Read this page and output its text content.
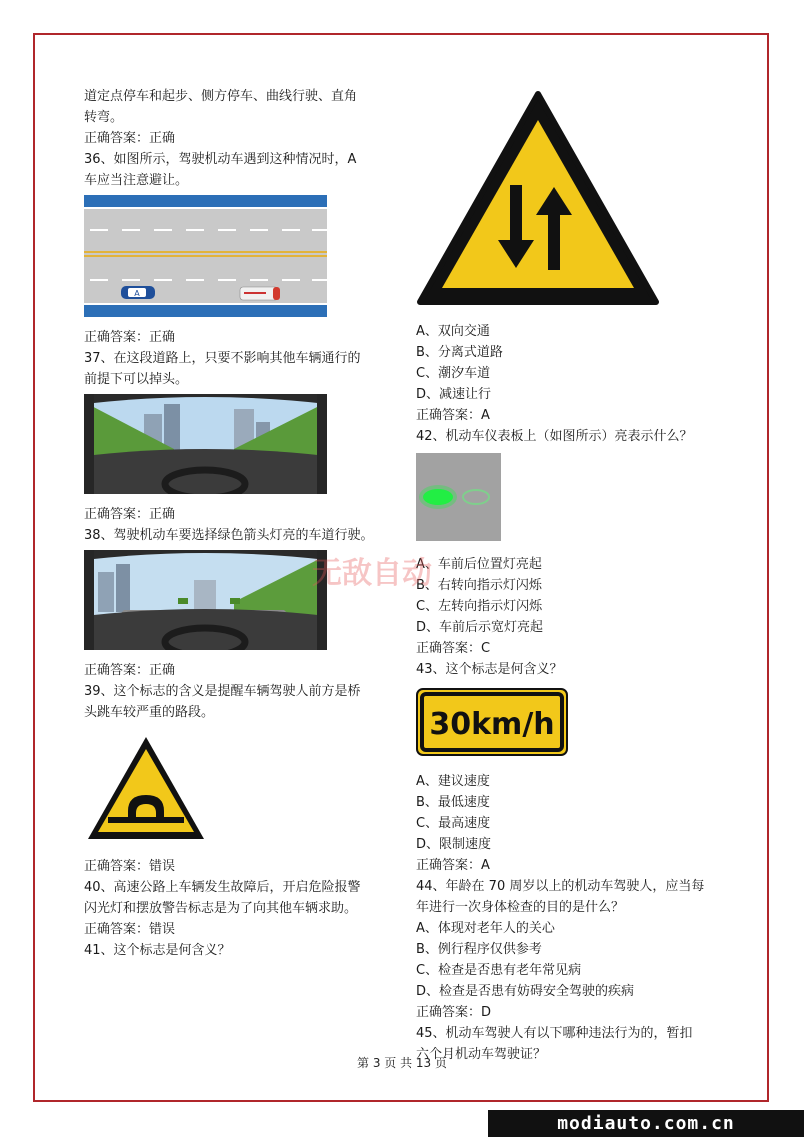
道定点停车和起步、侧方停车、曲线行驶、直角
转弯。
正确答案：正确
36、如图所示，驾驶机动车遇到这种情况时，A
车应当注意避让。
A
正确答案：正确
37、在这段道路上，只要不影响其他车辆通行的
前提下可以掉头。
正确答案：正确
38、驾驶机动车要选择绿色箭头灯亮的车道行驶。
正确答案：正确
39、这个标志的含义是提醒车辆驾驶人前方是桥
头跳车较严重的路段。
正确答案：错误
40、高速公路上车辆发生故障后，开启危险报警
闪光灯和摆放警告标志是为了向其他车辆求助。
正确答案：错误
41、这个标志是何含义？
A、双向交通
B、分离式道路
C、潮汐车道
D、减速让行
正确答案：A
42、机动车仪表板上（如图所示）亮表示什么？
A、车前后位置灯亮起
B、右转向指示灯闪烁
C、左转向指示灯闪烁
D、车前后示宽灯亮起
正确答案：C
43、这个标志是何含义？
30km/h
A、建议速度
B、最低速度
C、最高速度
D、限制速度
正确答案：A
44、年龄在 70 周岁以上的机动车驾驶人，应当每
年进行一次身体检查的目的是什么？
A、体现对老年人的关心
B、例行程序仅供参考
C、检查是否患有老年常见病
D、检查是否患有妨碍安全驾驶的疾病
正确答案：D
45、机动车驾驶人有以下哪种违法行为的，暂扣
六个月机动车驾驶证？
无敌自动
第 3 页 共 13 页
modiauto.com.cn
